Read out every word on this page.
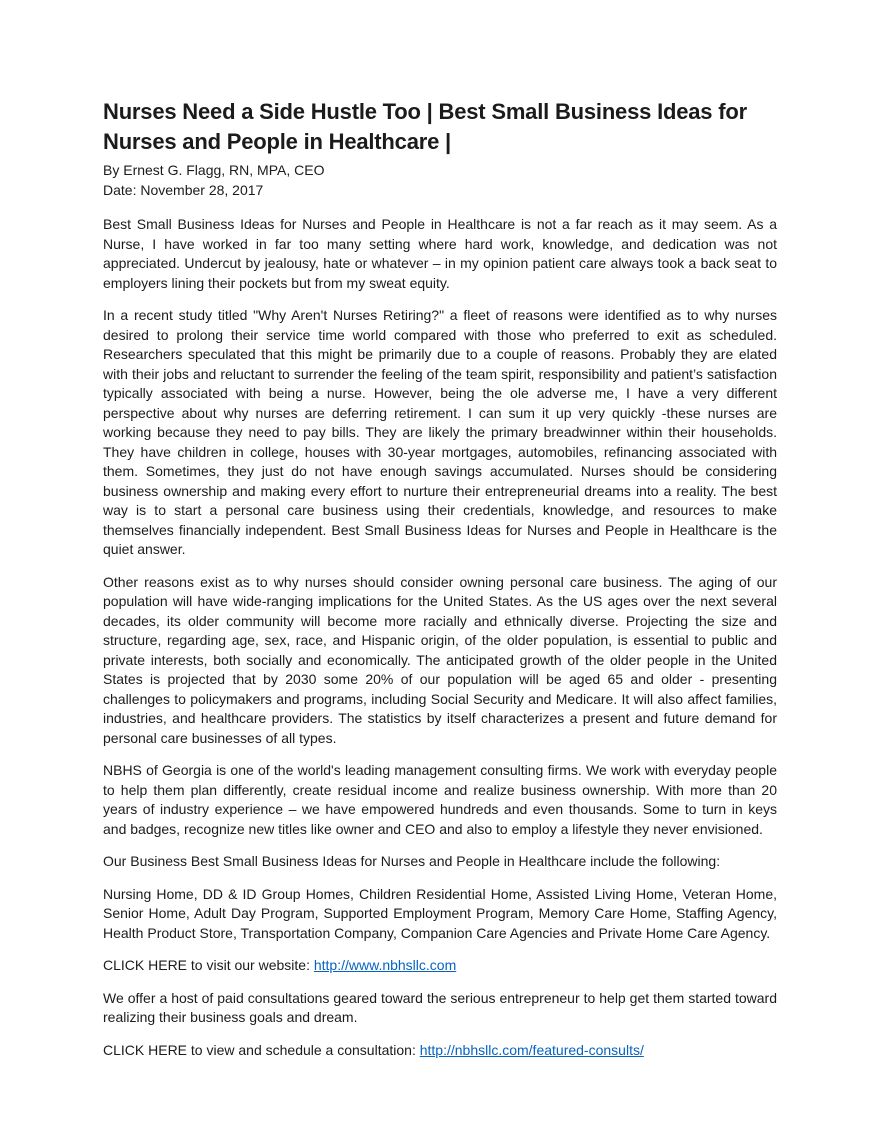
Nurses Need a Side Hustle Too | Best Small Business Ideas for Nurses and People in Healthcare |

By Ernest G. Flagg, RN, MPA, CEO

Date: November 28, 2017

Best Small Business Ideas for Nurses and People in Healthcare is not a far reach as it may seem. As a Nurse, I have worked in far too many setting where hard work, knowledge, and dedication was not appreciated. Undercut by jealousy, hate or whatever – in my opinion patient care always took a back seat to employers lining their pockets but from my sweat equity.

In a recent study titled "Why Aren't Nurses Retiring?" a fleet of reasons were identified as to why nurses desired to prolong their service time world compared with those who preferred to exit as scheduled. Researchers speculated that this might be primarily due to a couple of reasons. Probably they are elated with their jobs and reluctant to surrender the feeling of the team spirit, responsibility and patient’s satisfaction typically associated with being a nurse. However, being the ole adverse me, I have a very different perspective about why nurses are deferring retirement. I can sum it up very quickly -these nurses are working because they need to pay bills. They are likely the primary breadwinner within their households. They have children in college, houses with 30-year mortgages, automobiles, refinancing associated with them. Sometimes, they just do not have enough savings accumulated. Nurses should be considering business ownership and making every effort to nurture their entrepreneurial dreams into a reality. The best way is to start a personal care business using their credentials, knowledge, and resources to make themselves financially independent. Best Small Business Ideas for Nurses and People in Healthcare is the quiet answer.

Other reasons exist as to why nurses should consider owning personal care business. The aging of our population will have wide-ranging implications for the United States. As the US ages over the next several decades, its older community will become more racially and ethnically diverse. Projecting the size and structure, regarding age, sex, race, and Hispanic origin, of the older population, is essential to public and private interests, both socially and economically. The anticipated growth of the older people in the United States is projected that by 2030 some 20% of our population will be aged 65 and older - presenting challenges to policymakers and programs, including Social Security and Medicare. It will also affect families, industries, and healthcare providers. The statistics by itself characterizes a present and future demand for personal care businesses of all types.

NBHS of Georgia is one of the world's leading management consulting firms. We work with everyday people to help them plan differently, create residual income and realize business ownership. With more than 20 years of industry experience – we have empowered hundreds and even thousands. Some to turn in keys and badges, recognize new titles like owner and CEO and also to employ a lifestyle they never envisioned.

Our Business Best Small Business Ideas for Nurses and People in Healthcare include the following:

Nursing Home, DD & ID Group Homes, Children Residential Home, Assisted Living Home, Veteran Home, Senior Home, Adult Day Program, Supported Employment Program, Memory Care Home, Staffing Agency, Health Product Store, Transportation Company, Companion Care Agencies and Private Home Care Agency.

CLICK HERE to visit our website: http://www.nbhsllc.com

We offer a host of paid consultations geared toward the serious entrepreneur to help get them started toward realizing their business goals and dream.

CLICK HERE to view and schedule a consultation: http://nbhsllc.com/featured-consults/
